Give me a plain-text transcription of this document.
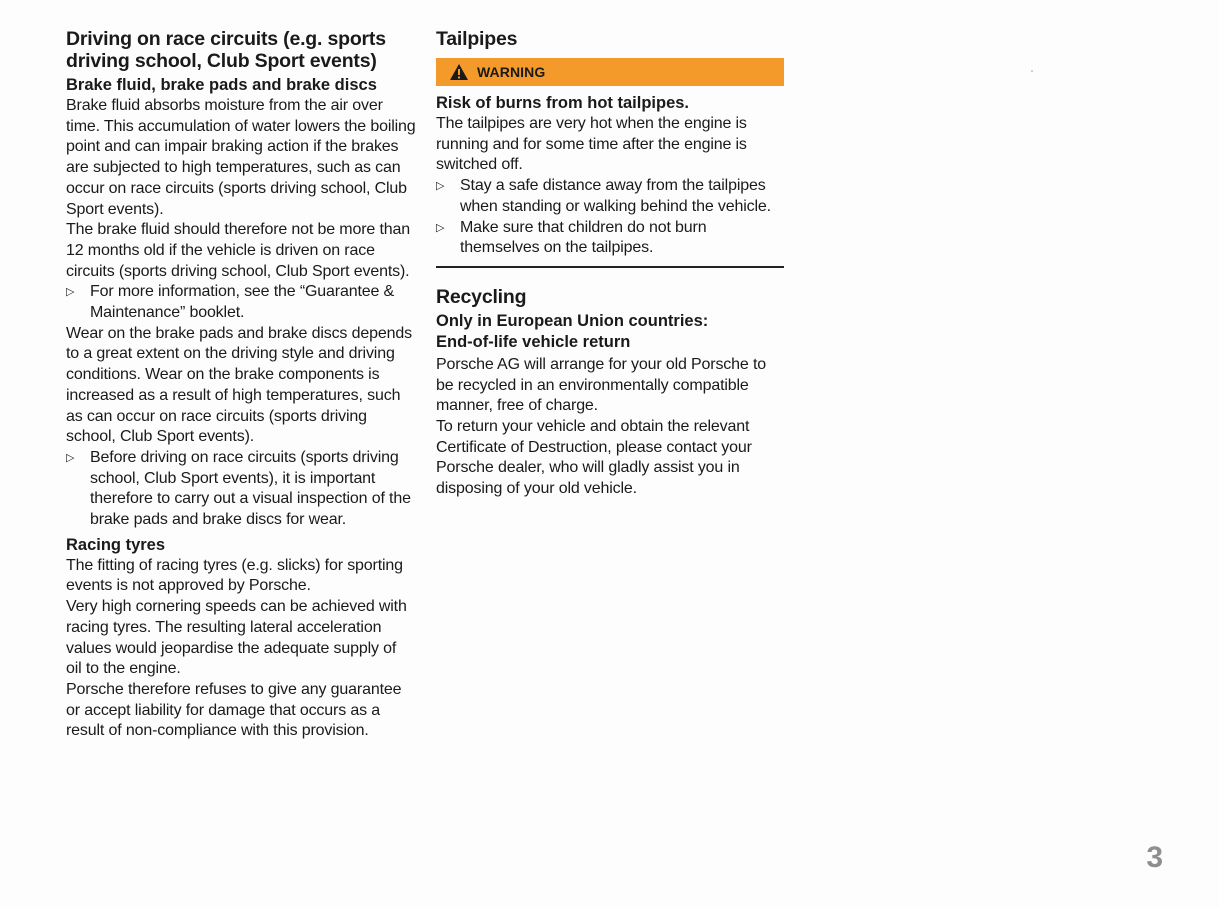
Driving on race circuits (e.g. sports driving school, Club Sport events)
Brake fluid, brake pads and brake discs

Brake fluid absorbs moisture from the air over time. This accumulation of water lowers the boiling point and can impair braking action if the brakes are subjected to high temperatures, such as can occur on race circuits (sports driving school, Club Sport events).

The brake fluid should therefore not be more than 12 months old if the vehicle is driven on race circuits (sports driving school, Club Sport events).

▷ For more information, see the “Guarantee & Maintenance” booklet.

Wear on the brake pads and brake discs depends to a great extent on the driving style and driving conditions. Wear on the brake components is increased as a result of high temperatures, such as can occur on race circuits (sports driving school, Club Sport events).

▷ Before driving on race circuits (sports driving school, Club Sport events), it is important therefore to carry out a visual inspection of the brake pads and brake discs for wear.
Racing tyres

The fitting of racing tyres (e.g. slicks) for sporting events is not approved by Porsche.

Very high cornering speeds can be achieved with racing tyres. The resulting lateral acceleration values would jeopardise the adequate supply of oil to the engine.

Porsche therefore refuses to give any guarantee or accept liability for damage that occurs as a result of non-compliance with this provision.

Tailpipes
WARNING
Risk of burns from hot tailpipes.

The tailpipes are very hot when the engine is running and for some time after the engine is switched off.

▷ Stay a safe distance away from the tailpipes when standing or walking behind the vehicle.
▷ Make sure that children do not burn themselves on the tailpipes.
Recycling
Only in European Union countries:
End-of-life vehicle return

Porsche AG will arrange for your old Porsche to be recycled in an environmentally compatible manner, free of charge.

To return your vehicle and obtain the relevant Certificate of Destruction, please contact your Porsche dealer, who will gladly assist you in disposing of your old vehicle.

3
